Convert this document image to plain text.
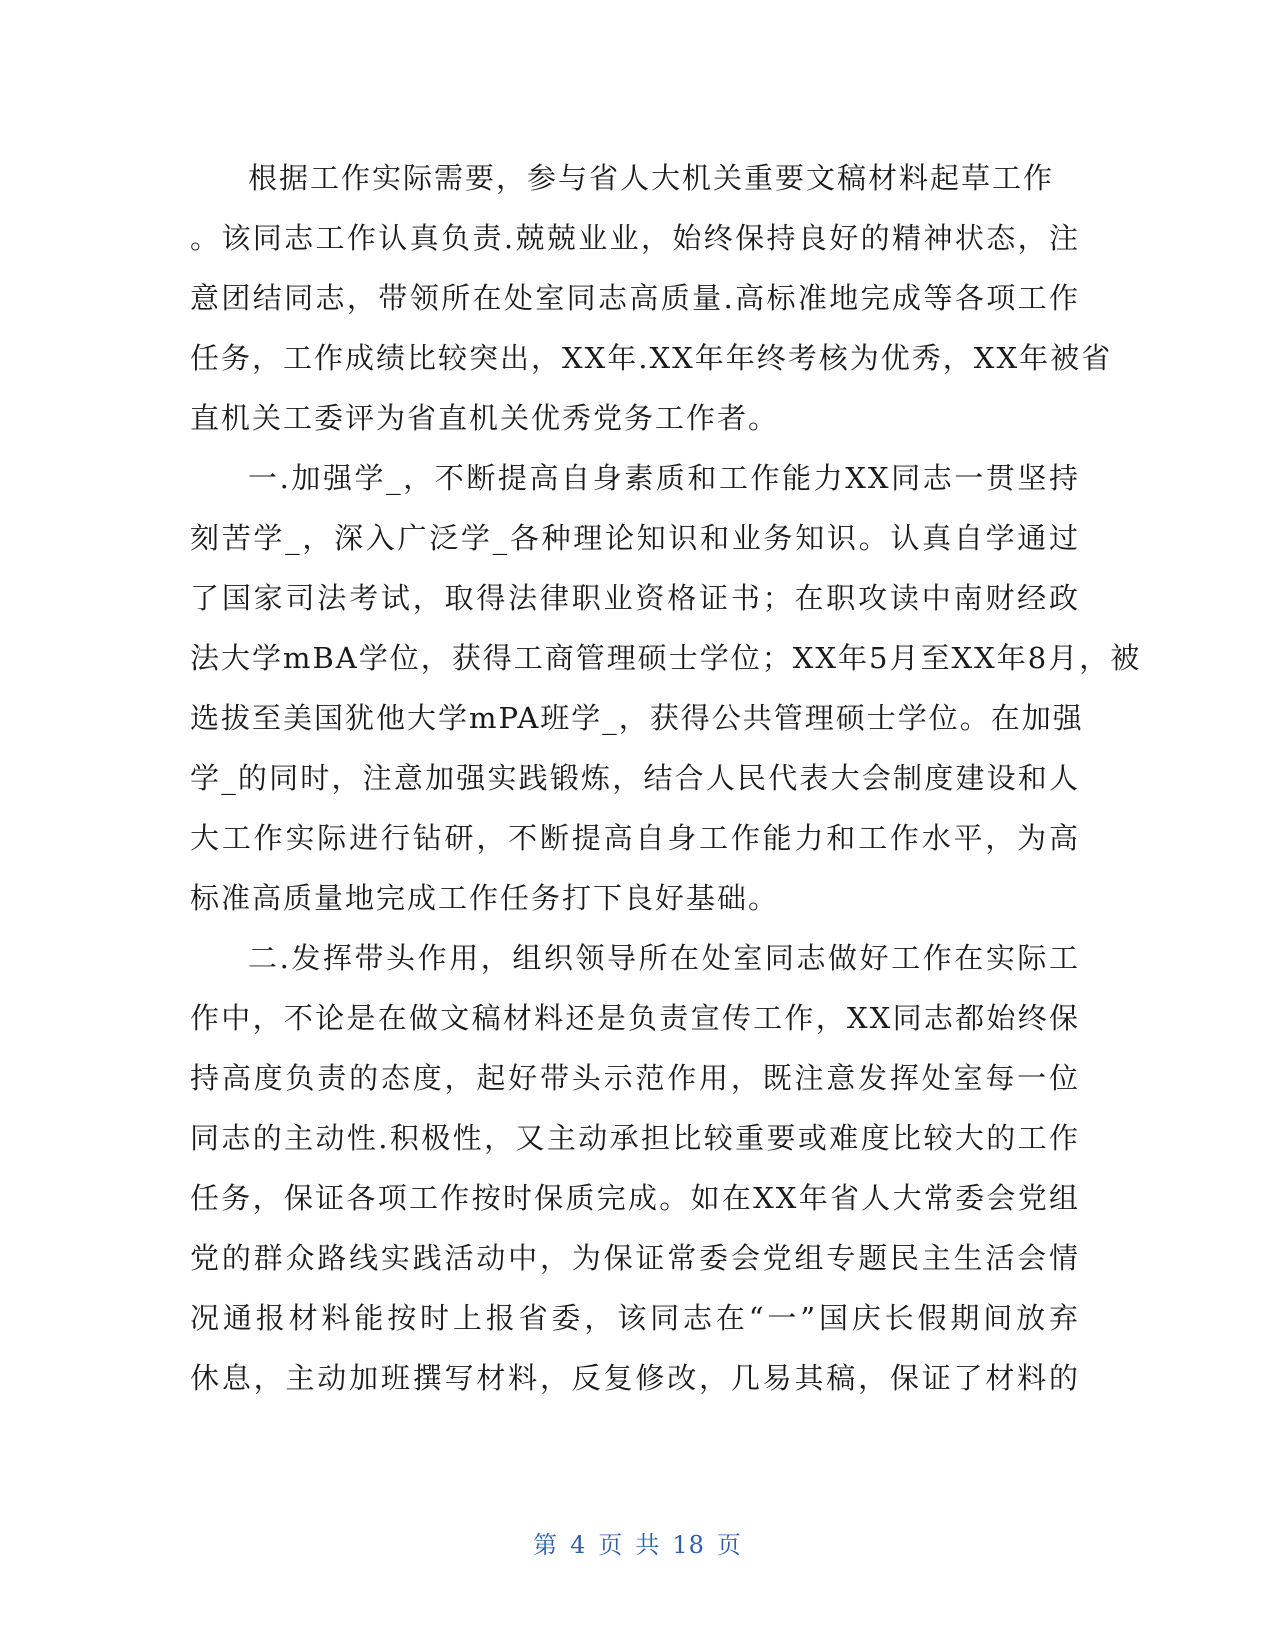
根据工作实际需要，参与省人大机关重要文稿材料起草工作
。该同志工作认真负责.兢兢业业，始终保持良好的精神状态，注
意团结同志，带领所在处室同志高质量.高标准地完成等各项工作
任务，工作成绩比较突出，XX年.XX年年终考核为优秀，XX年被省
直机关工委评为省直机关优秀党务工作者。
一.加强学_，不断提高自身素质和工作能力XX同志一贯坚持
刻苦学_，深入广泛学_各种理论知识和业务知识。认真自学通过
了国家司法考试，取得法律职业资格证书；在职攻读中南财经政
法大学mBA学位，获得工商管理硕士学位；XX年5月至XX年8月，被
选拔至美国犹他大学mPA班学_，获得公共管理硕士学位。在加强
学_的同时，注意加强实践锻炼，结合人民代表大会制度建设和人
大工作实际进行钻研，不断提高自身工作能力和工作水平，为高
标准高质量地完成工作任务打下良好基础。
二.发挥带头作用，组织领导所在处室同志做好工作在实际工
作中，不论是在做文稿材料还是负责宣传工作，XX同志都始终保
持高度负责的态度，起好带头示范作用，既注意发挥处室每一位
同志的主动性.积极性，又主动承担比较重要或难度比较大的工作
任务，保证各项工作按时保质完成。如在XX年省人大常委会党组
党的群众路线实践活动中，为保证常委会党组专题民主生活会情
况通报材料能按时上报省委，该同志在“一”国庆长假期间放弃
休息，主动加班撰写材料，反复修改，几易其稿，保证了材料的
第 4 页 共 18 页
